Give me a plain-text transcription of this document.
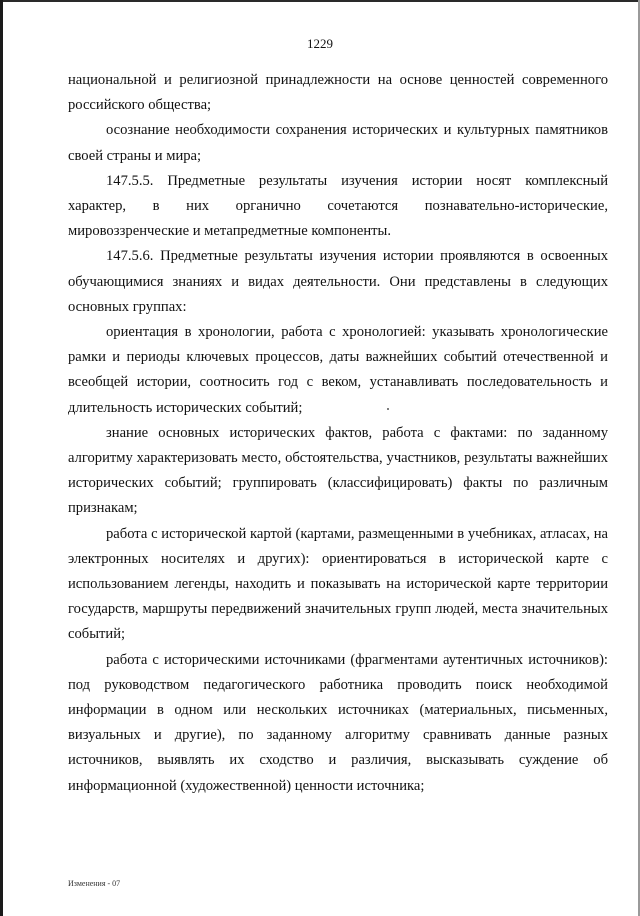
1229

национальной и религиозной принадлежности на основе ценностей современного российского общества;

осознание необходимости сохранения исторических и культурных памятников своей страны и мира;

147.5.5. Предметные результаты изучения истории носят комплексный характер, в них органично сочетаются познавательно-исторические, мировоззренческие и метапредметные компоненты.

147.5.6. Предметные результаты изучения истории проявляются в освоенных обучающимися знаниях и видах деятельности. Они представлены в следующих основных группах:

ориентация в хронологии, работа с хронологией: указывать хронологические рамки и периоды ключевых процессов, даты важнейших событий отечественной и всеобщей истории, соотносить год с веком, устанавливать последовательность и длительность исторических событий;

знание основных исторических фактов, работа с фактами: по заданному алгоритму характеризовать место, обстоятельства, участников, результаты важнейших исторических событий; группировать (классифицировать) факты по различным признакам;

работа с исторической картой (картами, размещенными в учебниках, атласах, на электронных носителях и других): ориентироваться в исторической карте с использованием легенды, находить и показывать на исторической карте территории государств, маршруты передвижений значительных групп людей, места значительных событий;

работа с историческими источниками (фрагментами аутентичных источников): под руководством педагогического работника проводить поиск необходимой информации в одном или нескольких источниках (материальных, письменных, визуальных и другие), по заданному алгоритму сравнивать данные разных источников, выявлять их сходство и различия, высказывать суждение об информационной (художественной) ценности источника;

Изменения - 07
